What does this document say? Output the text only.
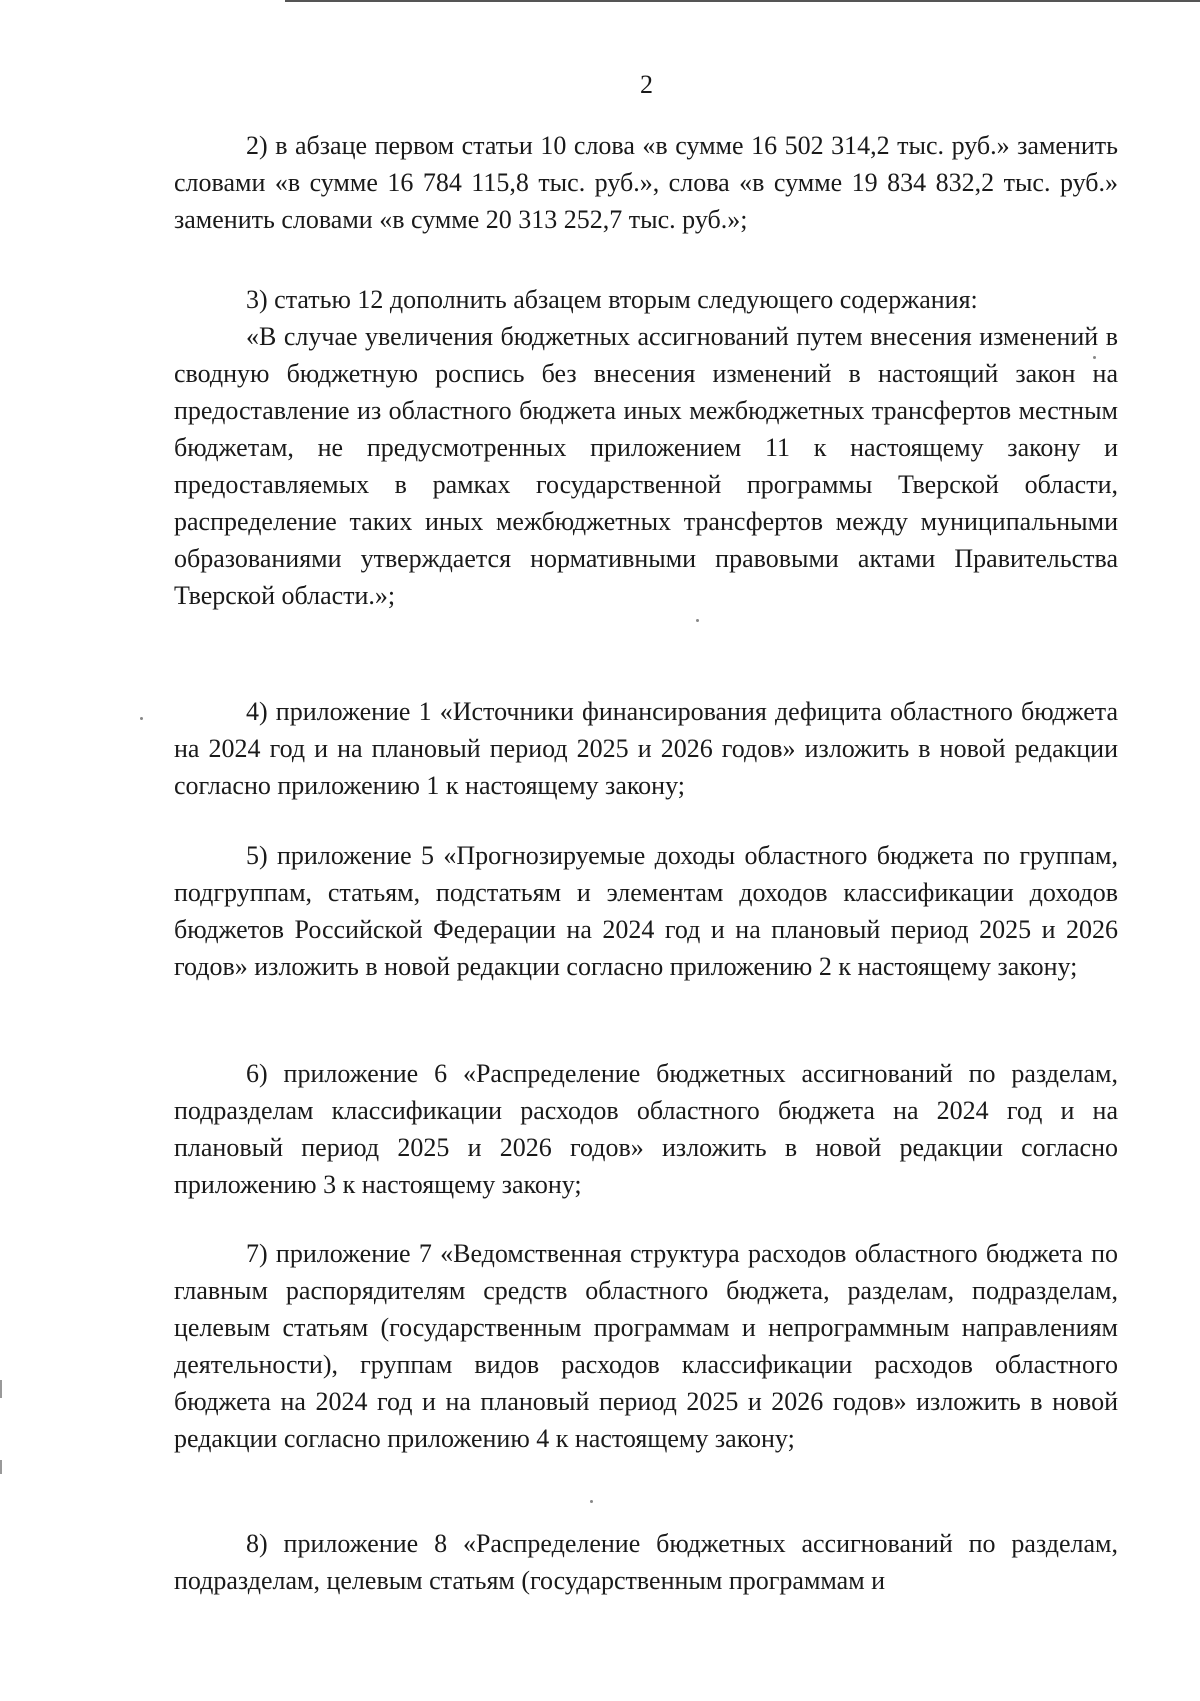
2

2) в абзаце первом статьи 10 слова «в сумме 16 502 314,2 тыс. руб.» заменить словами «в сумме 16 784 115,8 тыс. руб.», слова «в сумме 19 834 832,2 тыс. руб.» заменить словами «в сумме 20 313 252,7 тыс. руб.»;

3) статью 12 дополнить абзацем вторым следующего содержания:

«В случае увеличения бюджетных ассигнований путем внесения изменений в сводную бюджетную роспись без внесения изменений в настоящий закон на предоставление из областного бюджета иных межбюджетных трансфертов местным бюджетам, не предусмотренных приложением 11 к настоящему закону и предоставляемых в рамках государственной программы Тверской области, распределение таких иных межбюджетных трансфертов между муниципальными образованиями утверждается нормативными правовыми актами Правительства Тверской области.»;

4) приложение 1 «Источники финансирования дефицита областного бюджета на 2024 год и на плановый период 2025 и 2026 годов» изложить в новой редакции согласно приложению 1 к настоящему закону;

5) приложение 5 «Прогнозируемые доходы областного бюджета по группам, подгруппам, статьям, подстатьям и элементам доходов классификации доходов бюджетов Российской Федерации на 2024 год и на плановый период 2025 и 2026 годов» изложить в новой редакции согласно приложению 2 к настоящему закону;

6) приложение 6 «Распределение бюджетных ассигнований по разделам, подразделам классификации расходов областного бюджета на 2024 год и на плановый период 2025 и 2026 годов» изложить в новой редакции согласно приложению 3 к настоящему закону;

7) приложение 7 «Ведомственная структура расходов областного бюджета по главным распорядителям средств областного бюджета, разделам, подразделам, целевым статьям (государственным программам и непрограммным направлениям деятельности), группам видов расходов классификации расходов областного бюджета на 2024 год и на плановый период 2025 и 2026 годов» изложить в новой редакции согласно приложению 4 к настоящему закону;

8) приложение 8 «Распределение бюджетных ассигнований по разделам, подразделам, целевым статьям (государственным программам и
